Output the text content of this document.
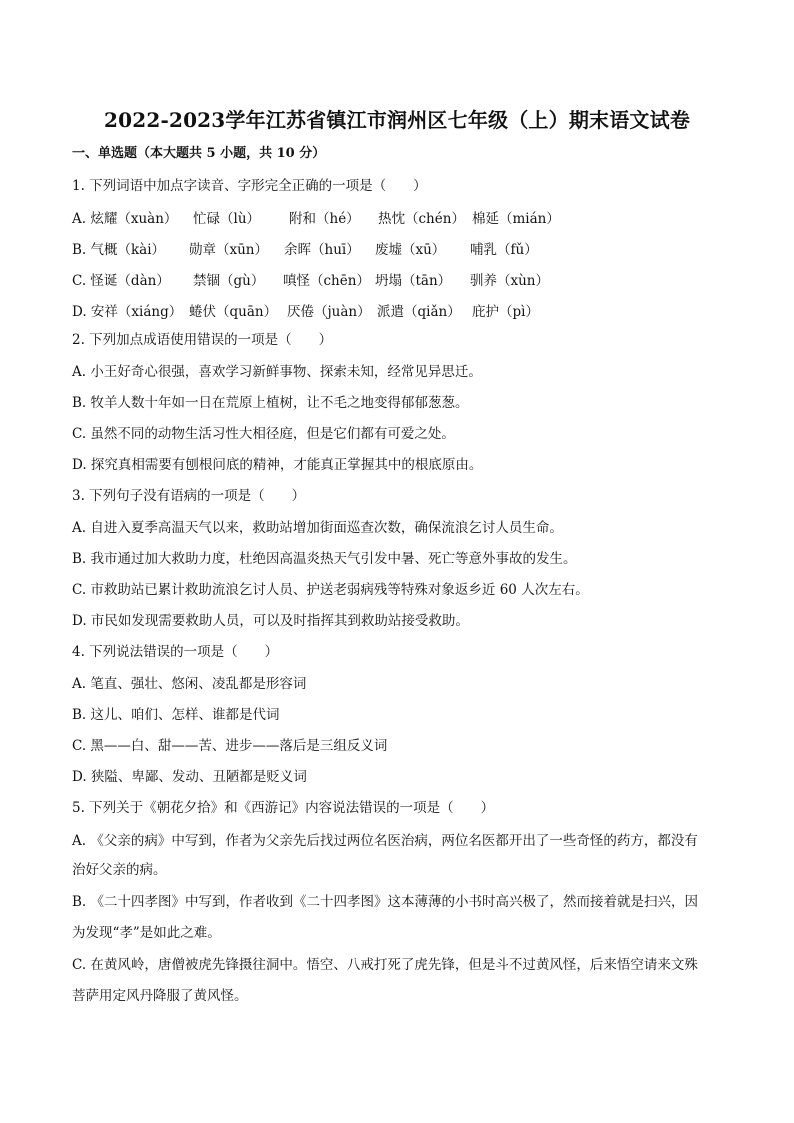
2022-2023学年江苏省镇江市润州区七年级（上）期末语文试卷
一、单选题（本大题共 5 小题，共 10 分）
1. 下列词语中加点字读音、字形完全正确的一项是（　　）
A. 炫耀（xuàn） 忙碌（lù） 附和（hé） 热忱（chén） 棉延（mián）
B. 气概（kài） 勋章（xūn） 余晖（huī） 废墟（xū） 哺乳（fǔ）
C. 怪诞（dàn） 禁锢（gù） 嗔怪（chēn） 坍塌（tān） 驯养（xùn）
D. 安祥（xiáng） 蜷伏（quān） 厌倦（juàn） 派遣（qiǎn） 庇护（pì）
2. 下列加点成语使用错误的一项是（　　）
A. 小王好奇心很强，喜欢学习新鲜事物、探索未知，经常见异思迁。
B. 牧羊人数十年如一日在荒原上植树，让不毛之地变得郁郁葱葱。
C. 虽然不同的动物生活习性大相径庭，但是它们都有可爱之处。
D. 探究真相需要有刨根问底的精神，才能真正掌握其中的根底原由。
3. 下列句子没有语病的一项是（　　）
A. 自进入夏季高温天气以来，救助站增加街面巡查次数，确保流浪乞讨人员生命。
B. 我市通过加大救助力度，杜绝因高温炎热天气引发中暑、死亡等意外事故的发生。
C. 市救助站已累计救助流浪乞讨人员、护送老弱病残等特殊对象返乡近 60 人次左右。
D. 市民如发现需要救助人员，可以及时指挥其到救助站接受救助。
4. 下列说法错误的一项是（　　）
A. 笔直、强壮、悠闲、凌乱都是形容词
B. 这儿、咱们、怎样、谁都是代词
C. 黑——白、甜——苦、进步——落后是三组反义词
D. 狭隘、卑鄙、发动、丑陋都是贬义词
5. 下列关于《朝花夕拾》和《西游记》内容说法错误的一项是（　　）
A. 《父亲的病》中写到，作者为父亲先后找过两位名医治病，两位名医都开出了一些奇怪的药方，都没有
治好父亲的病。
B. 《二十四孝图》中写到，作者收到《二十四孝图》这本薄薄的小书时高兴极了，然而接着就是扫兴，因
为发现“孝”是如此之难。
C. 在黄风岭，唐僧被虎先锋摄往洞中。悟空、八戒打死了虎先锋，但是斗不过黄风怪，后来悟空请来文殊
菩萨用定风丹降服了黄风怪。
